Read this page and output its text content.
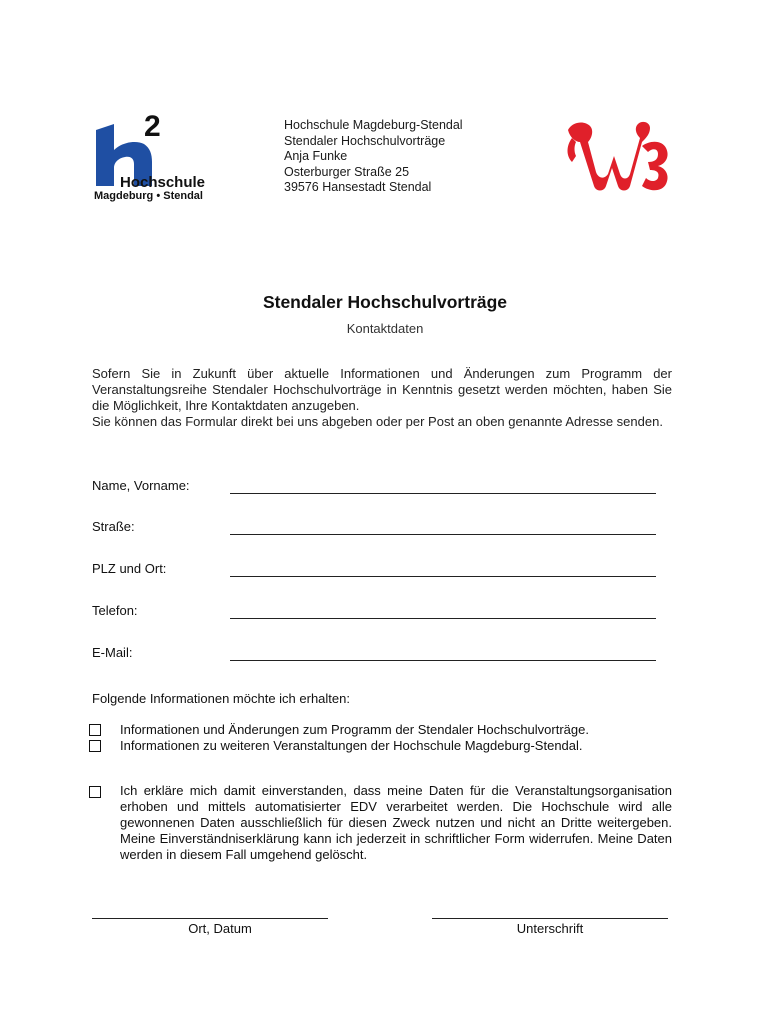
2
Hochschule
Magdeburg • Stendal
Hochschule Magdeburg-Stendal
Stendaler Hochschulvorträge
Anja Funke
Osterburger Straße 25
39576 Hansestadt Stendal
Stendaler Hochschulvorträge
Kontaktdaten

Sofern Sie in Zukunft über aktuelle Informationen und Änderungen zum Programm der Veranstaltungsreihe Stendaler Hochschulvorträge in Kenntnis gesetzt werden möchten, haben Sie die Möglichkeit, Ihre Kontaktdaten anzugeben.

Sie können das Formular direkt bei uns abgeben oder per Post an oben genannte Adresse senden.

Name, Vorname:
Straße:
PLZ und Ort:
Telefon:
E-Mail:
Folgende Informationen möchte ich erhalten:
Informationen und Änderungen zum Programm der Stendaler Hochschulvorträge.
Informationen zu weiteren Veranstaltungen der Hochschule Magdeburg-Stendal.
Ich erkläre mich damit einverstanden, dass meine Daten für die Veranstaltungsorganisation erhoben und mittels automatisierter EDV verarbeitet werden. Die Hochschule wird alle gewonnenen Daten ausschließlich für diesen Zweck nutzen und nicht an Dritte weitergeben. Meine Einverständniserklärung kann ich jederzeit in schriftlicher Form widerrufen. Meine Daten werden in diesem Fall umgehend gelöscht.
Ort, Datum	Unterschrift
